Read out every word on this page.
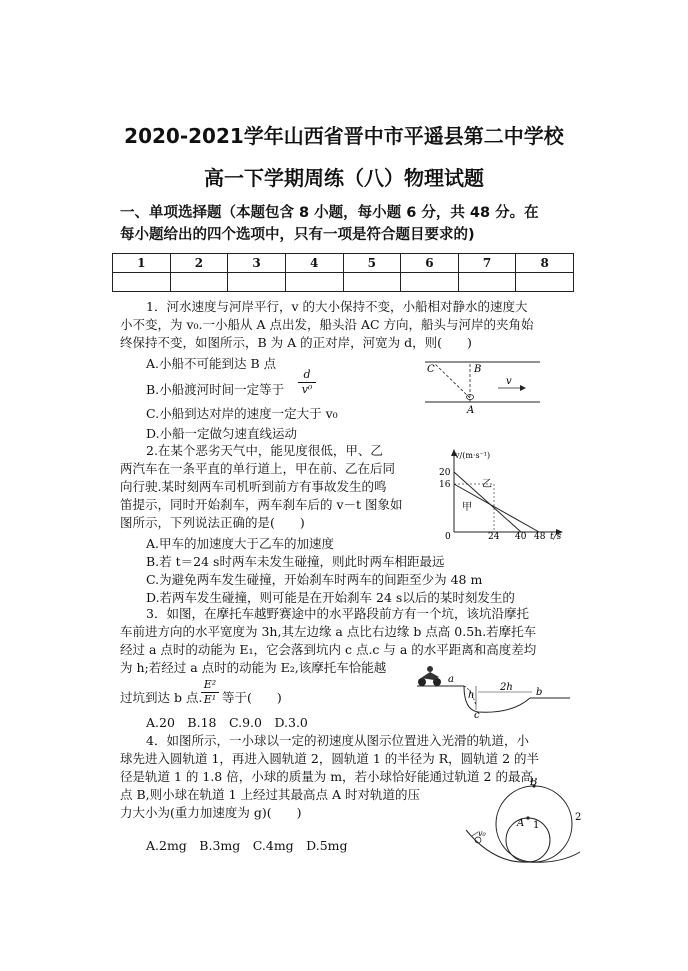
2020-2021学年山西省晋中市平遥县第二中学校
高一下学期周练（八）物理试题
一、单项选择题（本题包含 8 小题，每小题 6 分，共 48 分。在
每小题给出的四个选项中，只有一项是符合题目要求的)
1	2	3	4	5	6	7	8

1．河水速度与河岸平行，v 的大小保持不变，小船相对静水的速度大
小不变，为 v₀.一小船从 A 点出发，船头沿 AC 方向，船头与河岸的夹角始
终保持不变，如图所示，B 为 A 的正对岸，河宽为 d，则(　　)
A.小船不可能到达 B 点
B.小船渡河时间一定等于 $\frac{d}{\text{v⁰}}$
C.小船到达对岸的速度一定大于 v₀
D.小船一定做匀速直线运动
C	B
A
v
2.在某个恶劣天气中，能见度很低，甲、乙
两汽车在一条平直的单行道上，甲在前、乙在后同
向行驶.某时刻两车司机听到前方有事故发生的鸣
笛提示，同时开始刹车，两车刹车后的 v－t 图象如
图所示，下列说法正确的是(　　)
A.甲车的加速度大于乙车的加速度
B.若 t＝24 s时两车未发生碰撞，则此时两车相距最远
C.为避免两车发生碰撞，开始刹车时两车的间距至少为 48 m
D.若两车发生碰撞，则可能是在开始刹车 24 s以后的某时刻发生的
v/(m·s⁻¹)
20
16
0	24 40 48 t/s
乙
甲
3．如图，在摩托车越野赛途中的水平路段前方有一个坑，该坑沿摩托
车前进方向的水平宽度为 3h,其左边缘 a 点比右边缘 b 点高 0.5h.若摩托车
经过 a 点时的动能为 E₁，它会落到坑内 c 点.c 与 a 的水平距离和高度差均
为 h;若经过 a 点时的动能为 E₂,该摩托车恰能越
过坑到达 b 点.
$\frac{\text{E²}}{\text{E¹}}$ 等于(　　)
A.20　B.18　C.9.0　D.3.0
a
h
c
2h b
4．如图所示，一小球以一定的初速度从图示位置进入光滑的轨道，小
球先进入圆轨道 1，再进入圆轨道 2，圆轨道 1 的半径为 R，圆轨道 2 的半
径是轨道 1 的 1.8 倍，小球的质量为 m，若小球恰好能通过轨道 2 的最高
点 B,则小球在轨道 1 上经过其最高点 A 时对轨道的压
力大小为(重力加速度为 g)(　　)
A.2mg　B.3mg　C.4mg　D.5mg
B
A 1
2
v₀
